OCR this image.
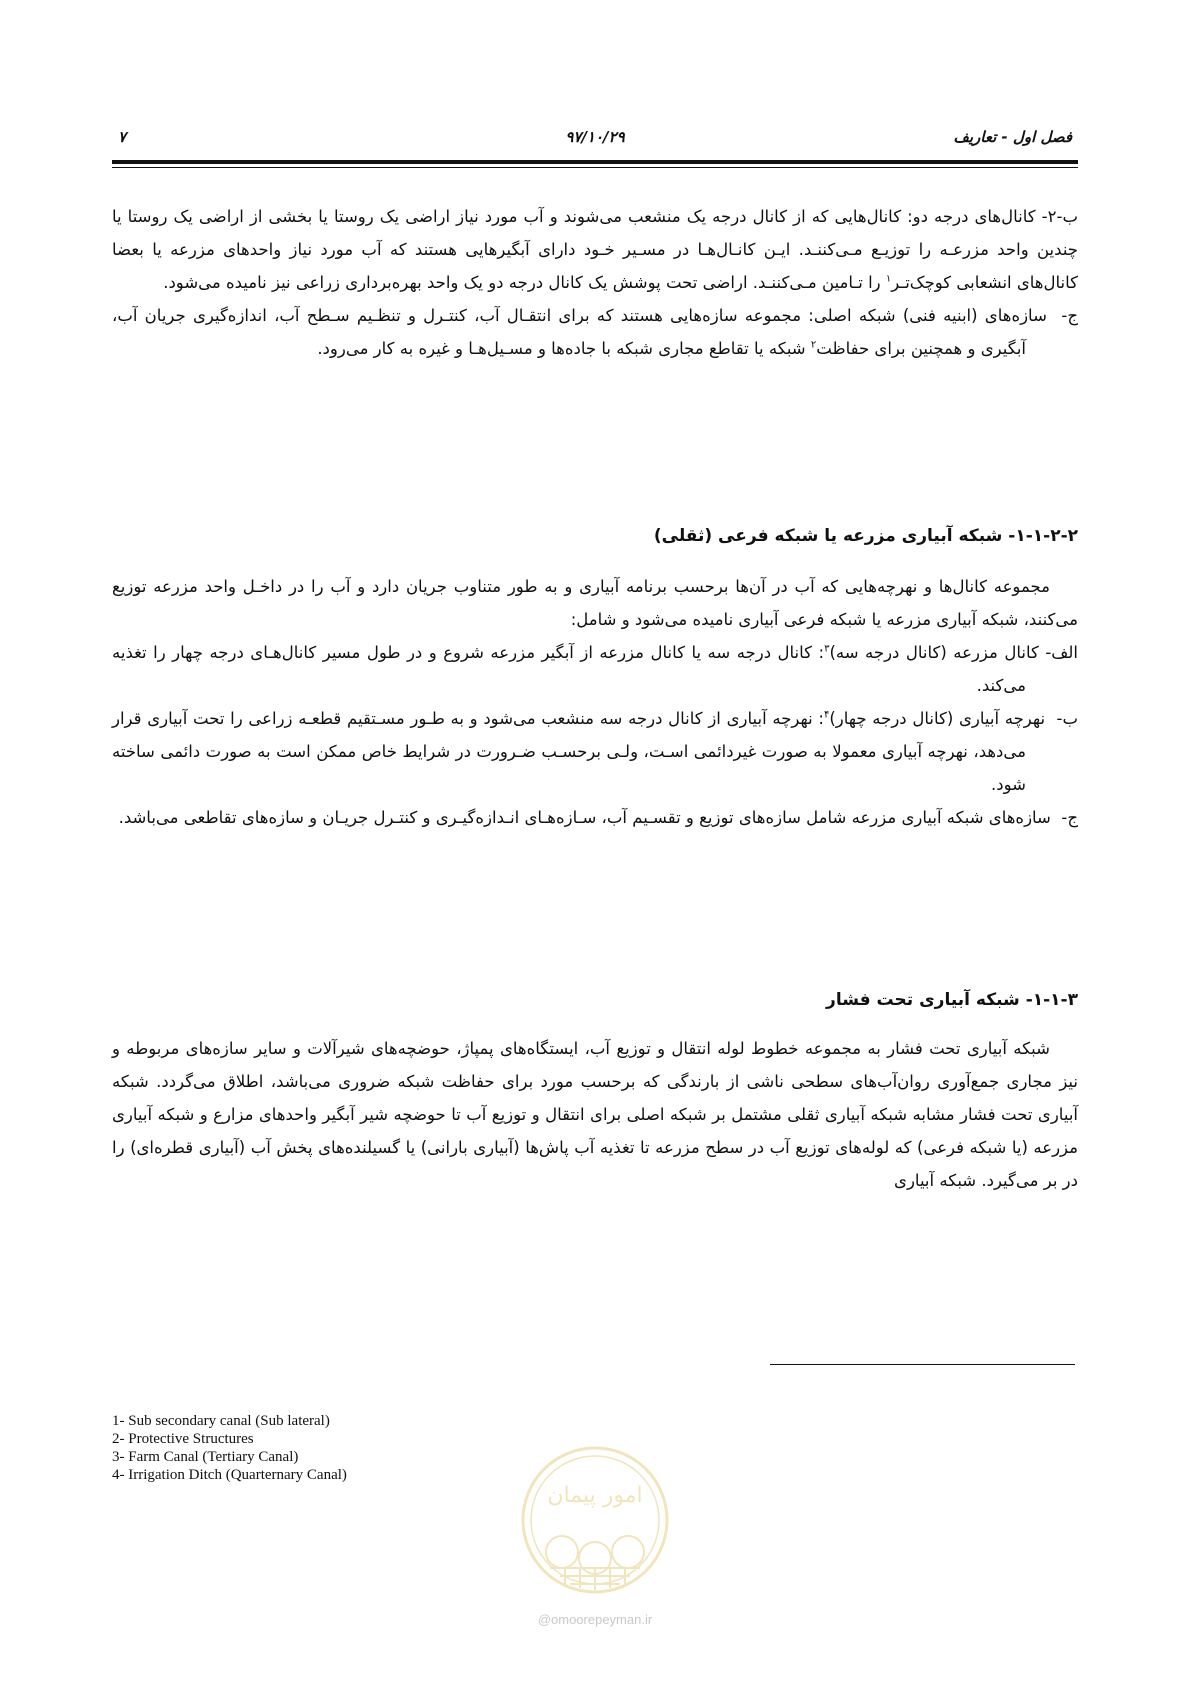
۷	۹۷/۱۰/۲۹	فصل اول - تعاریف

ب-۲- کانال‌های درجه دو: کانال‌هایی که از کانال درجه یک منشعب می‌شوند و آب مورد نیاز اراضی یک روستا یا بخشی از اراضی یک روستا یا چندین واحد مزرعـه را توزیـع مـی‌کننـد. ایـن کانـال‌هـا در مسـیر خـود دارای آبگیرهایی هستند که آب مورد نیاز واحدهای مزرعه یا بعضا کانال‌های انشعابی کوچک‌تـر$^۱$ را تـامین مـی‌کننـد. اراضی تحت پوشش یک کانال درجه دو یک واحد بهره‌برداری زراعی نیز نامیده می‌شود.

ج-  سازه‌های (ابنیه فنی) شبکه اصلی: مجموعه سازه‌هایی هستند که برای انتقـال آب، کنتـرل و تنظـیم سـطح آب، اندازه‌گیری جریان آب، آبگیری و همچنین برای حفاظت$^۲$ شبکه یا تقاطع مجاری شبکه با جاده‌ها و مسـیل‌هـا و غیره به کار می‌رود.

۱-۱-۲-۲- شبکه آبیاری مزرعه یا شبکه فرعی (ثقلی)

مجموعه کانال‌ها و نهرچه‌هایی که آب در آن‌ها برحسب برنامه آبیاری و به طور متناوب جریان دارد و آب را در داخـل واحد مزرعه توزیع می‌کنند، شبکه آبیاری مزرعه یا شبکه فرعی آبیاری نامیده می‌شود و شامل:

الف- کانال مزرعه (کانال درجه سه)$^۳$: کانال درجه سه یا کانال مزرعه از آبگیر مزرعه شروع و در طول مسیر کانال‌هـای درجه چهار را تغذیه می‌کند.

ب-  نهرچه آبیاری (کانال درجه چهار)$^۴$: نهرچه آبیاری از کانال درجه سه منشعب می‌شود و به طـور مسـتقیم قطعـه زراعی را تحت آبیاری قرار می‌دهد، نهرچه آبیاری معمولا به صورت غیردائمی اسـت، ولـی برحسـب ضـرورت در شرایط خاص ممکن است به صورت دائمی ساخته شود.

ج-  سازه‌های شبکه آبیاری مزرعه شامل سازه‌های توزیع و تقسـیم آب، سـازه‌هـای انـدازه‌گیـری و کنتـرل جریـان و سازه‌های تقاطعی می‌باشد.

۱-۱-۳- شبکه آبیاری تحت فشار

شبکه آبیاری تحت فشار به مجموعه خطوط لوله انتقال و توزیع آب، ایستگاه‌های پمپاژ، حوضچه‌های شیرآلات و سایر سازه‌های مربوطه و نیز مجاری جمع‌آوری روان‌آب‌های سطحی ناشی از بارندگی که برحسب مورد برای حفاظت شبکه ضروری می‌باشد، اطلاق می‌گردد. شبکه آبیاری تحت فشار مشابه شبکه آبیاری ثقلی مشتمل بر شبکه اصلی برای انتقال و توزیع آب تا حوضچه شیر آبگیر واحدهای مزارع و شبکه آبیاری مزرعه (یا شبکه فرعی) که لوله‌های توزیع آب در سطح مزرعه تا تغذیه آب پاش‌ها (آبیاری بارانی) یا گسیلنده‌های پخش آب (آبیاری قطره‌ای) را در بر می‌گیرد. شبکه آبیاری

1- Sub secondary canal (Sub lateral)
2- Protective Structures
3- Farm Canal (Tertiary Canal)
4- Irrigation Ditch (Quarternary Canal)
امور پیمان
@omoorepeyman.ir
